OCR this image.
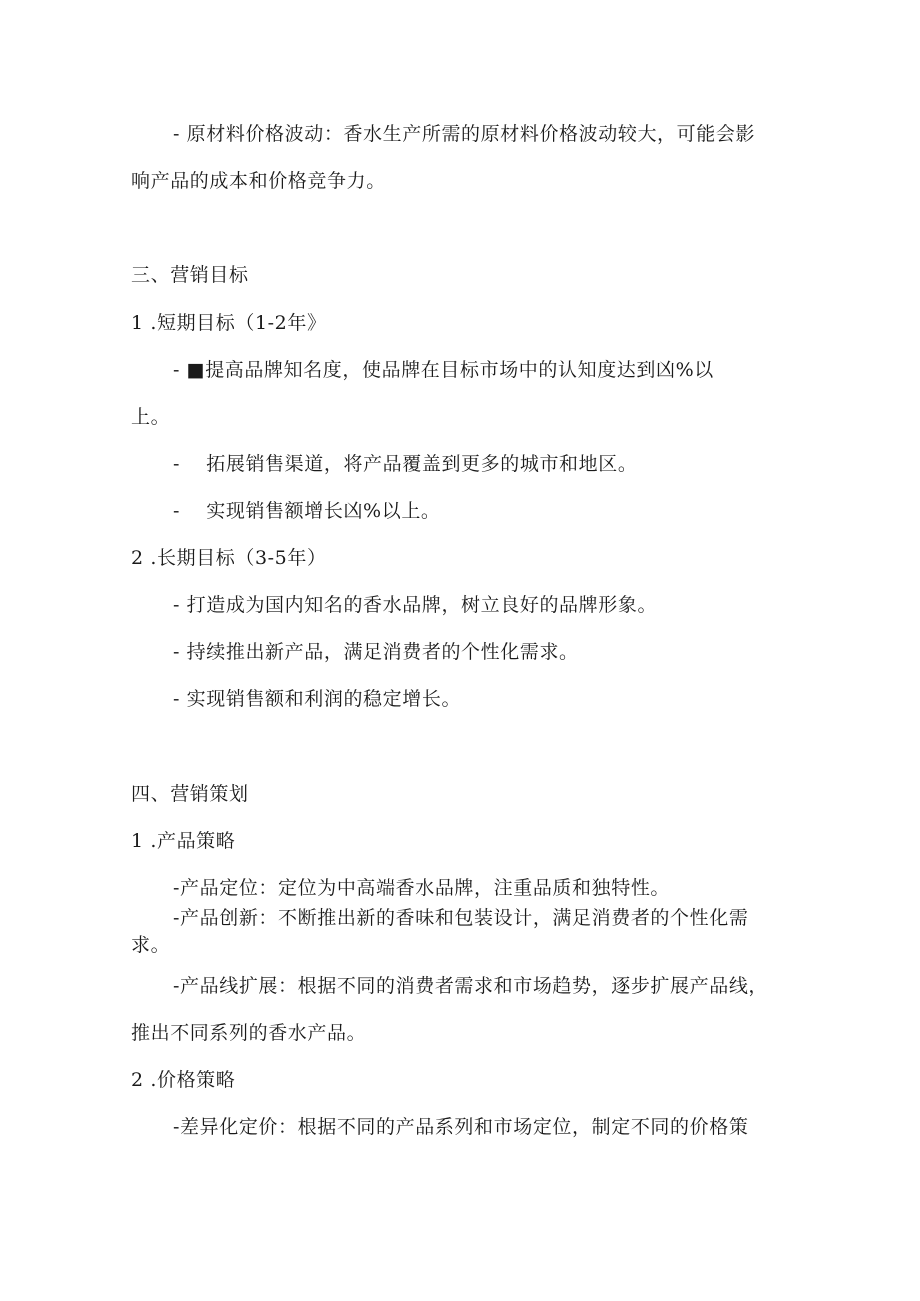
- 原材料价格波动：香水生产所需的原材料价格波动较大，可能会影

响产品的成本和价格竞争力。

三、营销目标

1 .短期目标（1-2年》

- ■提高品牌知名度，使品牌在目标市场中的认知度达到凶%以

上。

-　 拓展销售渠道，将产品覆盖到更多的城市和地区。

-　 实现销售额增长凶%以上。

2 .长期目标（3-5年）

- 打造成为国内知名的香水品牌，树立良好的品牌形象。

- 持续推出新产品，满足消费者的个性化需求。

- 实现销售额和利润的稳定增长。

四、营销策划

1 .产品策略

-产品定位：定位为中高端香水品牌，注重品质和独特性。

-产品创新：不断推出新的香味和包装设计，满足消费者的个性化需

求。

-产品线扩展：根据不同的消费者需求和市场趋势，逐步扩展产品线，

推出不同系列的香水产品。

2 .价格策略

-差异化定价：根据不同的产品系列和市场定位，制定不同的价格策
